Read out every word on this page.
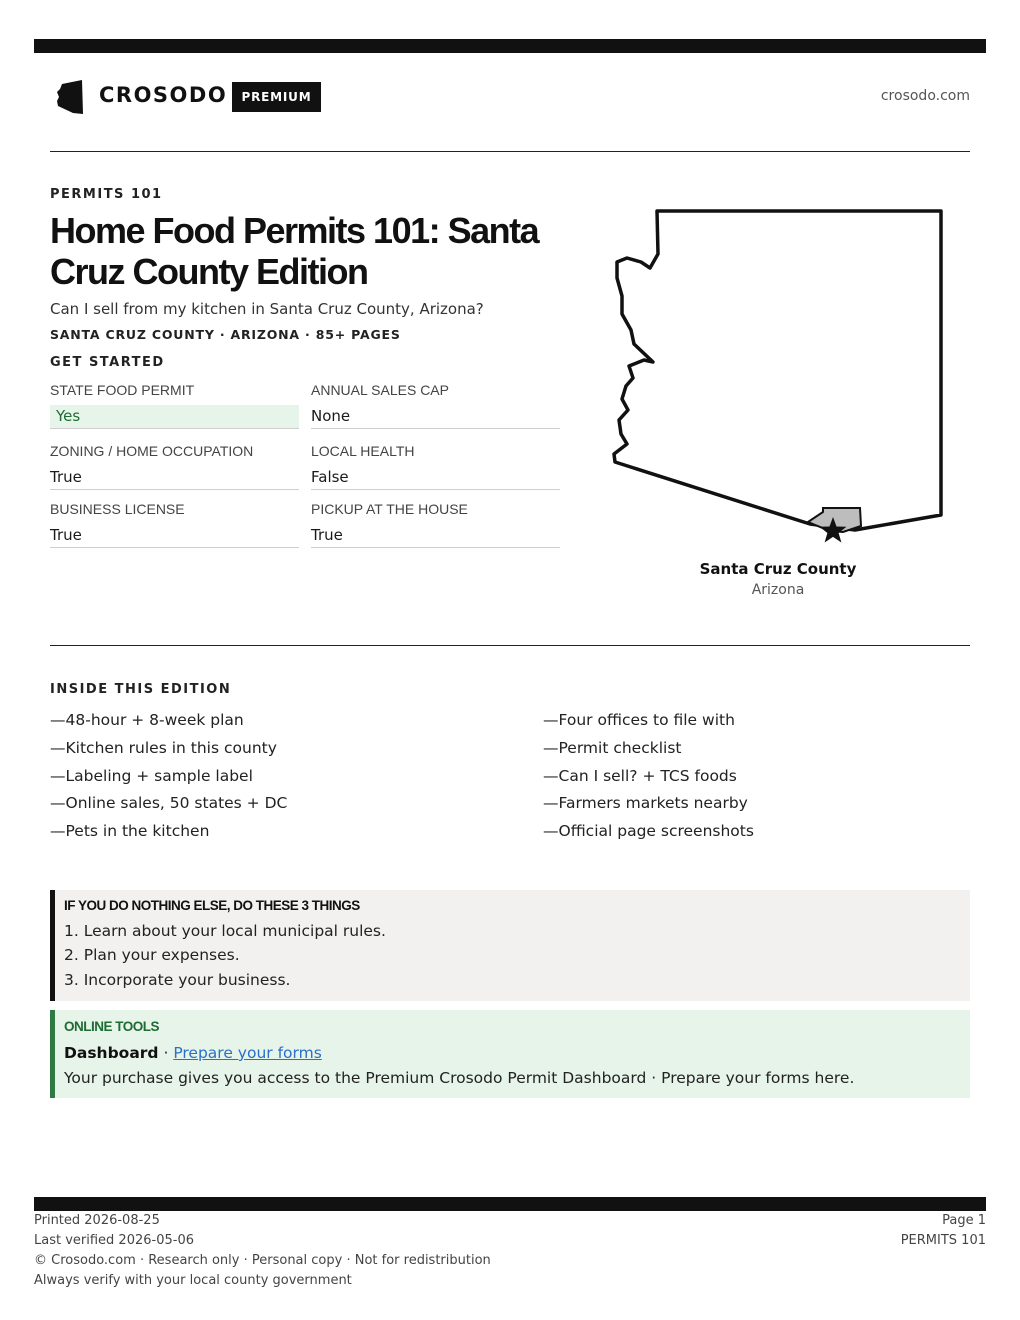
CROSODO	PREMIUM	crosodo.com
PERMITS 101
Home Food Permits 101: Santa Cruz County Edition
Can I sell from my kitchen in Santa Cruz County, Arizona?
SANTA CRUZ COUNTY · ARIZONA · 85+ PAGES
GET STARTED
STATE FOOD PERMIT
Yes
ANNUAL SALES CAP
None
ZONING / HOME OCCUPATION
True
LOCAL HEALTH
False
BUSINESS LICENSE
True
PICKUP AT THE HOUSE
True
Santa Cruz County
Arizona
INSIDE THIS EDITION
—48-hour + 8-week plan
—Kitchen rules in this county
—Labeling + sample label
—Online sales, 50 states + DC
—Pets in the kitchen
—Four offices to file with
—Permit checklist
—Can I sell? + TCS foods
—Farmers markets nearby
—Official page screenshots
IF YOU DO NOTHING ELSE, DO THESE 3 THINGS
1. Learn about your local municipal rules.
2. Plan your expenses.
3. Incorporate your business.
ONLINE TOOLS
Dashboard · Prepare your forms
Your purchase gives you access to the Premium Crosodo Permit Dashboard · Prepare your forms here.
Printed 2026-08-25
Last verified 2026-05-06
© Crosodo.com · Research only · Personal copy · Not for redistribution
Always verify with your local county government
Page 1
PERMITS 101
